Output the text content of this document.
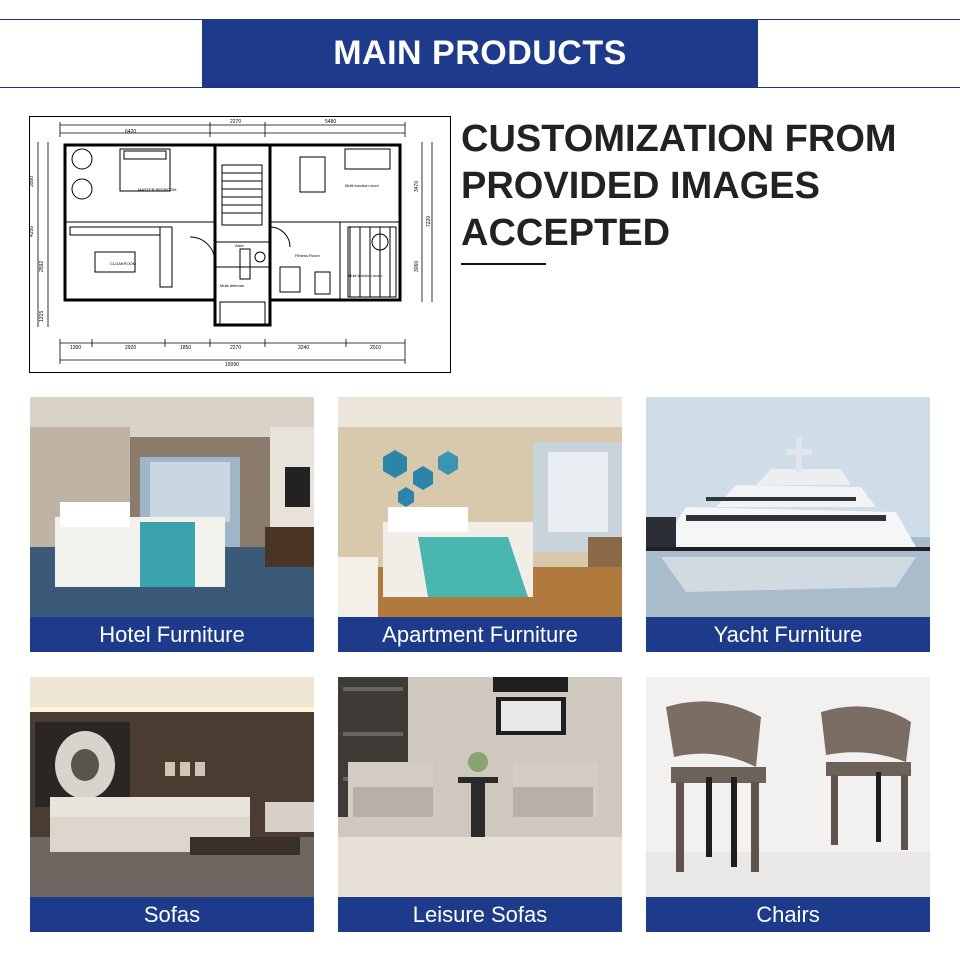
MAIN PRODUCTS
6420
2270	5480
1300	2920	1850	2270	3240	2010
15090
3500
4250
2592
1315
3470
7220
3060
MASTER BEDROOM
CLOAKROOM
Aisle
Multi-defense
Fitness Room
Multi function room
Multi function room
CUSTOMIZATION FROM
PROVIDED IMAGES
ACCEPTED
Hotel Furniture	Apartment Furniture	Yacht Furniture
Sofas	Leisure Sofas	Chairs
